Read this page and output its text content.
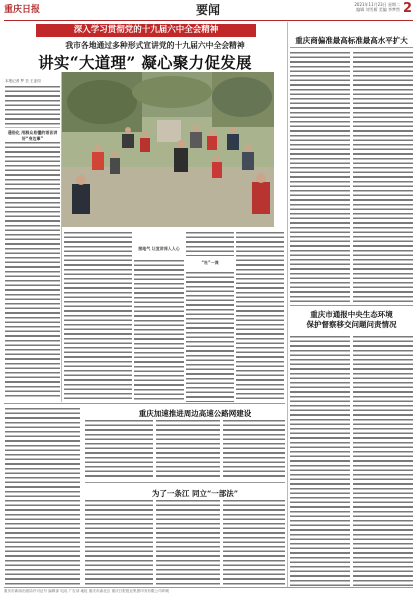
重庆日报	要闻	2021年11月23日 星期二
编辑 刘雪雁 美编 李梦然 2
深入学习贯彻党的十九届六中全会精神
我市各地通过多种形式宣讲党的十九届六中全会精神
讲实“大道理” 凝心聚力促发展
本报记者 罗 芸 王亚同
通俗化 用群众易懂的语言讲好“身边事”
接地气 让宣讲深入人心
“社”一课
重庆商偏准最高标准最高水平扩大
重庆市通报中央生态环境
保护督察移交问题问责情况
重庆加速推进周边高速公路网建设
为了一条江 同立“一部法”
重庆市新闻出版局许可证号 编辑部 电话 广告部 地址 重庆市渝北区 重庆日报报业集团印务有限公司印刷
